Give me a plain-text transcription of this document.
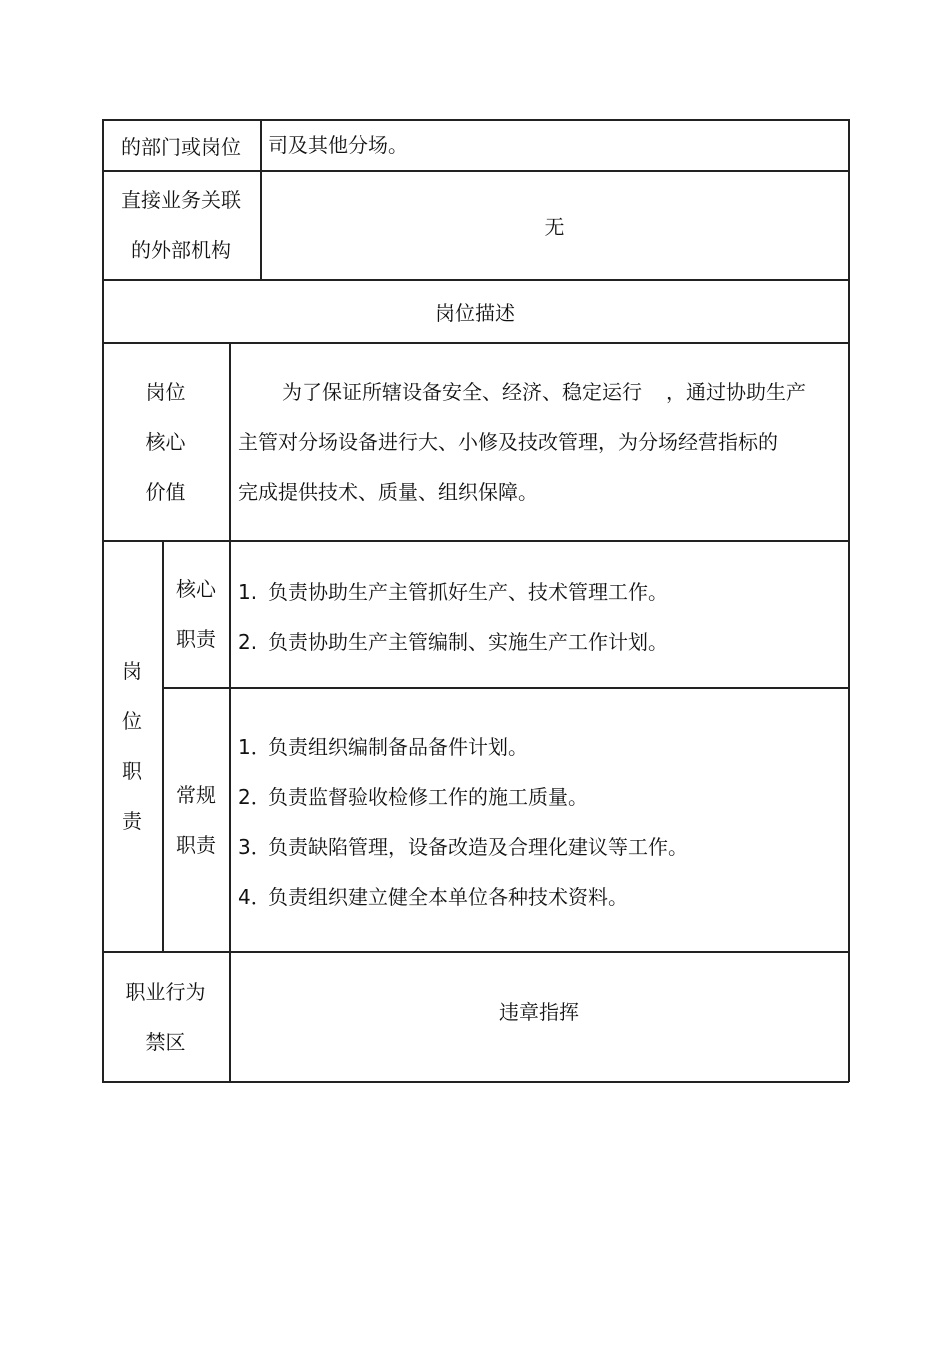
的部门或岗位 司及其他分场。
直接业务关联
的外部机构
无
岗位描述
岗位
核心
价值
为了保证所辖设备安全、经济、稳定运行 ，通过协助生产
主管对分场设备进行大、小修及技改管理，为分场经营指标的
完成提供技术、质量、组织保障。
岗
位
职
责
核心
职责
1. 负责协助生产主管抓好生产、技术管理工作。
2. 负责协助生产主管编制、实施生产工作计划。
常规
职责
1．负责组织编制备品备件计划。
2．负责监督验收检修工作的施工质量。
3．负责缺陷管理，设备改造及合理化建议等工作。
4．负责组织建立健全本单位各种技术资料。
职业行为
禁区
违章指挥
